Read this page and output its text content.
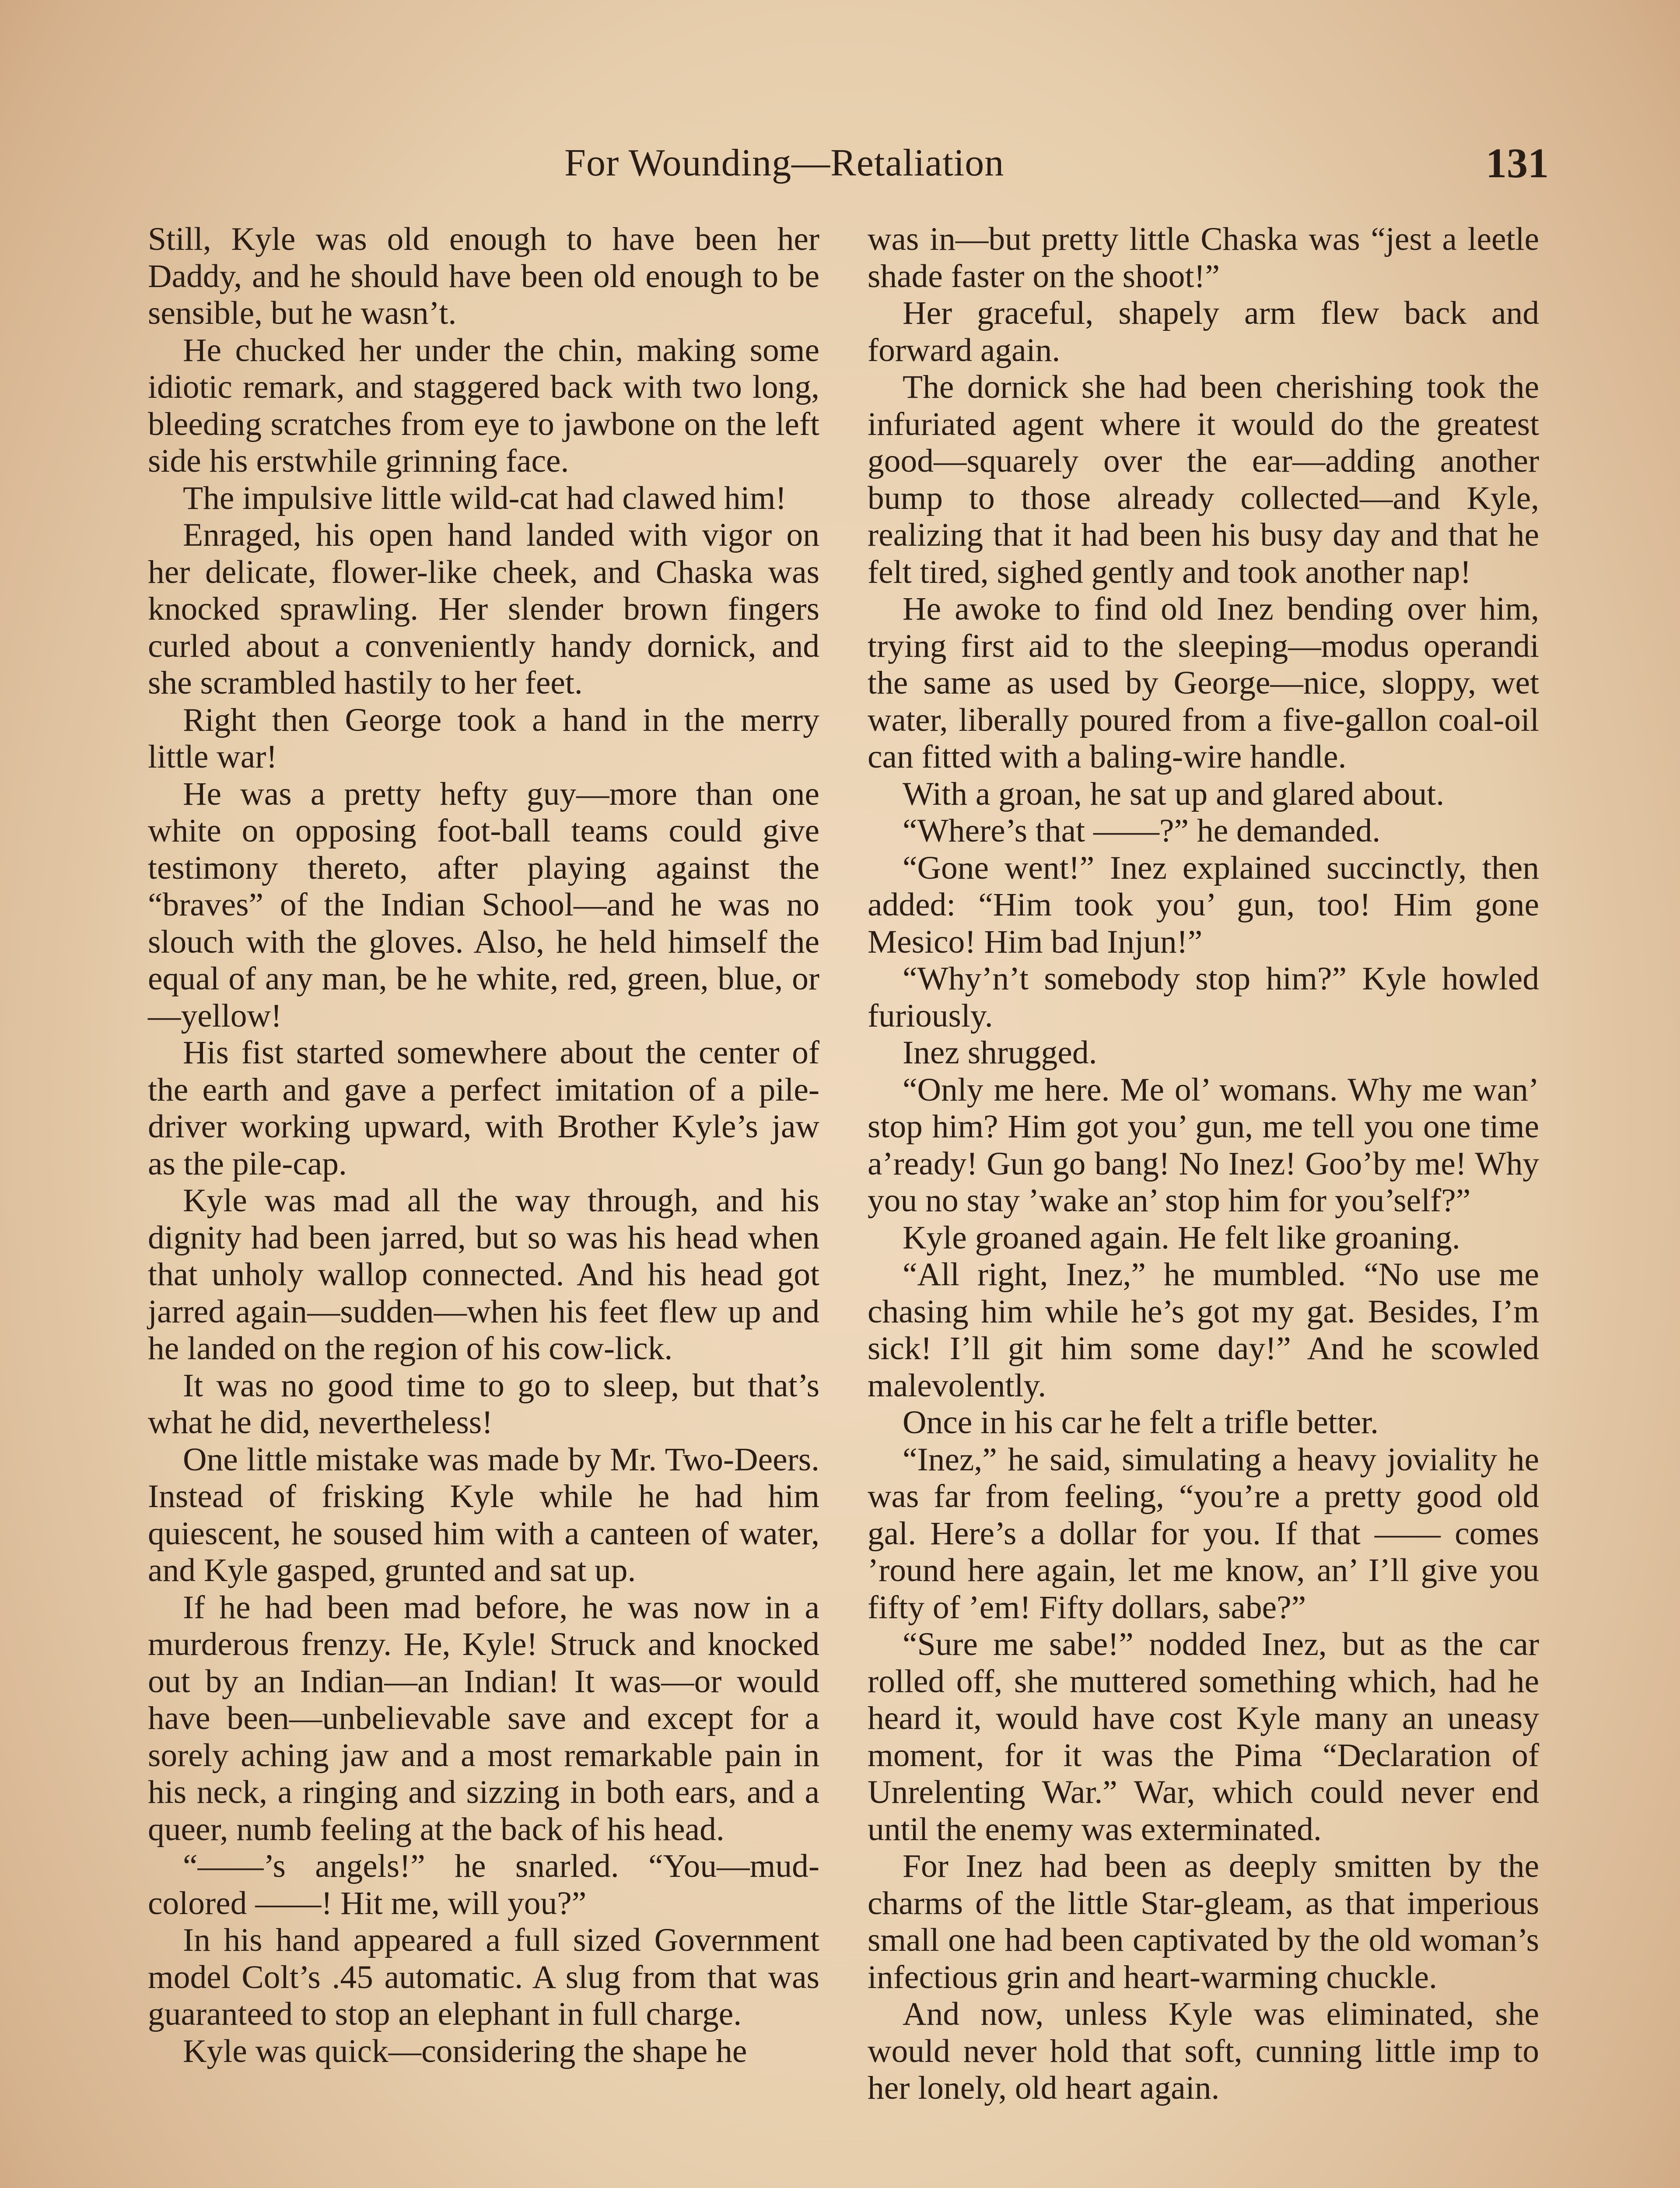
For Wounding—Retaliation	131

Still, Kyle was old enough to have been her Daddy, and he should have been old enough to be sensible, but he wasn’t.

He chucked her under the chin, making some idiotic remark, and staggered back with two long, bleeding scratches from eye to jawbone on the left side his erstwhile grinning face.

The impulsive little wild-cat had clawed him!

Enraged, his open hand landed with vigor on her delicate, flower-like cheek, and Chaska was knocked sprawling. Her slender brown fingers curled about a conveniently handy dornick, and she scrambled hastily to her feet.

Right then George took a hand in the merry little war!

He was a pretty hefty guy—more than one white on opposing foot-ball teams could give testimony thereto, after playing against the “braves” of the Indian School—and he was no slouch with the gloves. Also, he held himself the equal of any man, be he white, red, green, blue, or—yellow!

His fist started somewhere about the center of the earth and gave a perfect imitation of a pile-driver working upward, with Brother Kyle’s jaw as the pile-cap.

Kyle was mad all the way through, and his dignity had been jarred, but so was his head when that unholy wallop connected. And his head got jarred again—sudden—when his feet flew up and he landed on the region of his cow-lick.

It was no good time to go to sleep, but that’s what he did, nevertheless!

One little mistake was made by Mr. Two-Deers. Instead of frisking Kyle while he had him quiescent, he soused him with a canteen of water, and Kyle gasped, grunted and sat up.

If he had been mad before, he was now in a murderous frenzy. He, Kyle! Struck and knocked out by an Indian—an Indian! It was—or would have been—unbelievable save and except for a sorely aching jaw and a most remarkable pain in his neck, a ringing and sizzing in both ears, and a queer, numb feeling at the back of his head.

“——’s angels!” he snarled. “You—mud-colored ——! Hit me, will you?”

In his hand appeared a full sized Government model Colt’s .45 automatic. A slug from that was guaranteed to stop an elephant in full charge.

Kyle was quick—considering the shape he

was in—but pretty little Chaska was “jest a leetle shade faster on the shoot!”

Her graceful, shapely arm flew back and forward again.

The dornick she had been cherishing took the infuriated agent where it would do the greatest good—squarely over the ear—adding another bump to those already collected—and Kyle, realizing that it had been his busy day and that he felt tired, sighed gently and took another nap!

He awoke to find old Inez bending over him, trying first aid to the sleeping—modus operandi the same as used by George—nice, sloppy, wet water, liberally poured from a five-gallon coal-oil can fitted with a baling-wire handle.

With a groan, he sat up and glared about.

“Where’s that ——?” he demanded.

“Gone went!” Inez explained succinctly, then added: “Him took you’ gun, too! Him gone Mesico! Him bad Injun!”

“Why’n’t somebody stop him?” Kyle howled furiously.

Inez shrugged.

“Only me here. Me ol’ womans. Why me wan’ stop him? Him got you’ gun, me tell you one time a’ready! Gun go bang! No Inez! Goo’by me! Why you no stay ’wake an’ stop him for you’self?”

Kyle groaned again. He felt like groaning.

“All right, Inez,” he mumbled. “No use me chasing him while he’s got my gat. Besides, I’m sick! I’ll git him some day!” And he scowled malevolently.

Once in his car he felt a trifle better.

“Inez,” he said, simulating a heavy joviality he was far from feeling, “you’re a pretty good old gal. Here’s a dollar for you. If that —— comes ’round here again, let me know, an’ I’ll give you fifty of ’em! Fifty dollars, sabe?”

“Sure me sabe!” nodded Inez, but as the car rolled off, she muttered something which, had he heard it, would have cost Kyle many an uneasy moment, for it was the Pima “Declaration of Unrelenting War.” War, which could never end until the enemy was exterminated.

For Inez had been as deeply smitten by the charms of the little Star-gleam, as that imperious small one had been captivated by the old woman’s infectious grin and heart-warming chuckle.

And now, unless Kyle was eliminated, she would never hold that soft, cunning little imp to her lonely, old heart again.
